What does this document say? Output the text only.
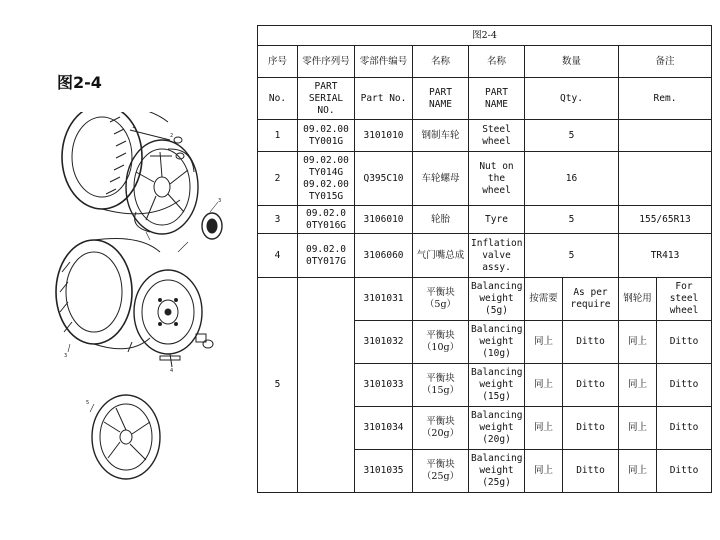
图2-4
2
1
3
3
4
5
图2-4								
序号	零件序列号	零部件编号	名称	名称	数量		备注	
No.	PART SERIAL NO.	Part No.	PART NAME	PART NAME	Qty.		Rem.	
1	09.02.00 TY001G	3101010	钢制车轮	Steel wheel	5			
2	09.02.00 TY014G 09.02.00 TY015G	Q395C10	车轮螺母	Nut on the wheel	16			
3	09.02.0 0TY016G	3106010	轮胎	Tyre	5		155/65R13	
4	09.02.0 0TY017G	3106060	气门嘴总成	Inflation valve assy.	5		TR413	
5		3101031	平衡块（5g）	Balancing weight (5g)	按需要	As per require	钢轮用	For steel wheel
		3101032	平衡块（10g）	Balancing weight (10g)	同上	Ditto	同上	Ditto
		3101033	平衡块（15g）	Balancing weight (15g)	同上	Ditto	同上	Ditto
		3101034	平衡块（20g）	Balancing weight (20g)	同上	Ditto	同上	Ditto
		3101035	平衡块（25g）	Balancing weight (25g)	同上	Ditto	同上	Ditto
